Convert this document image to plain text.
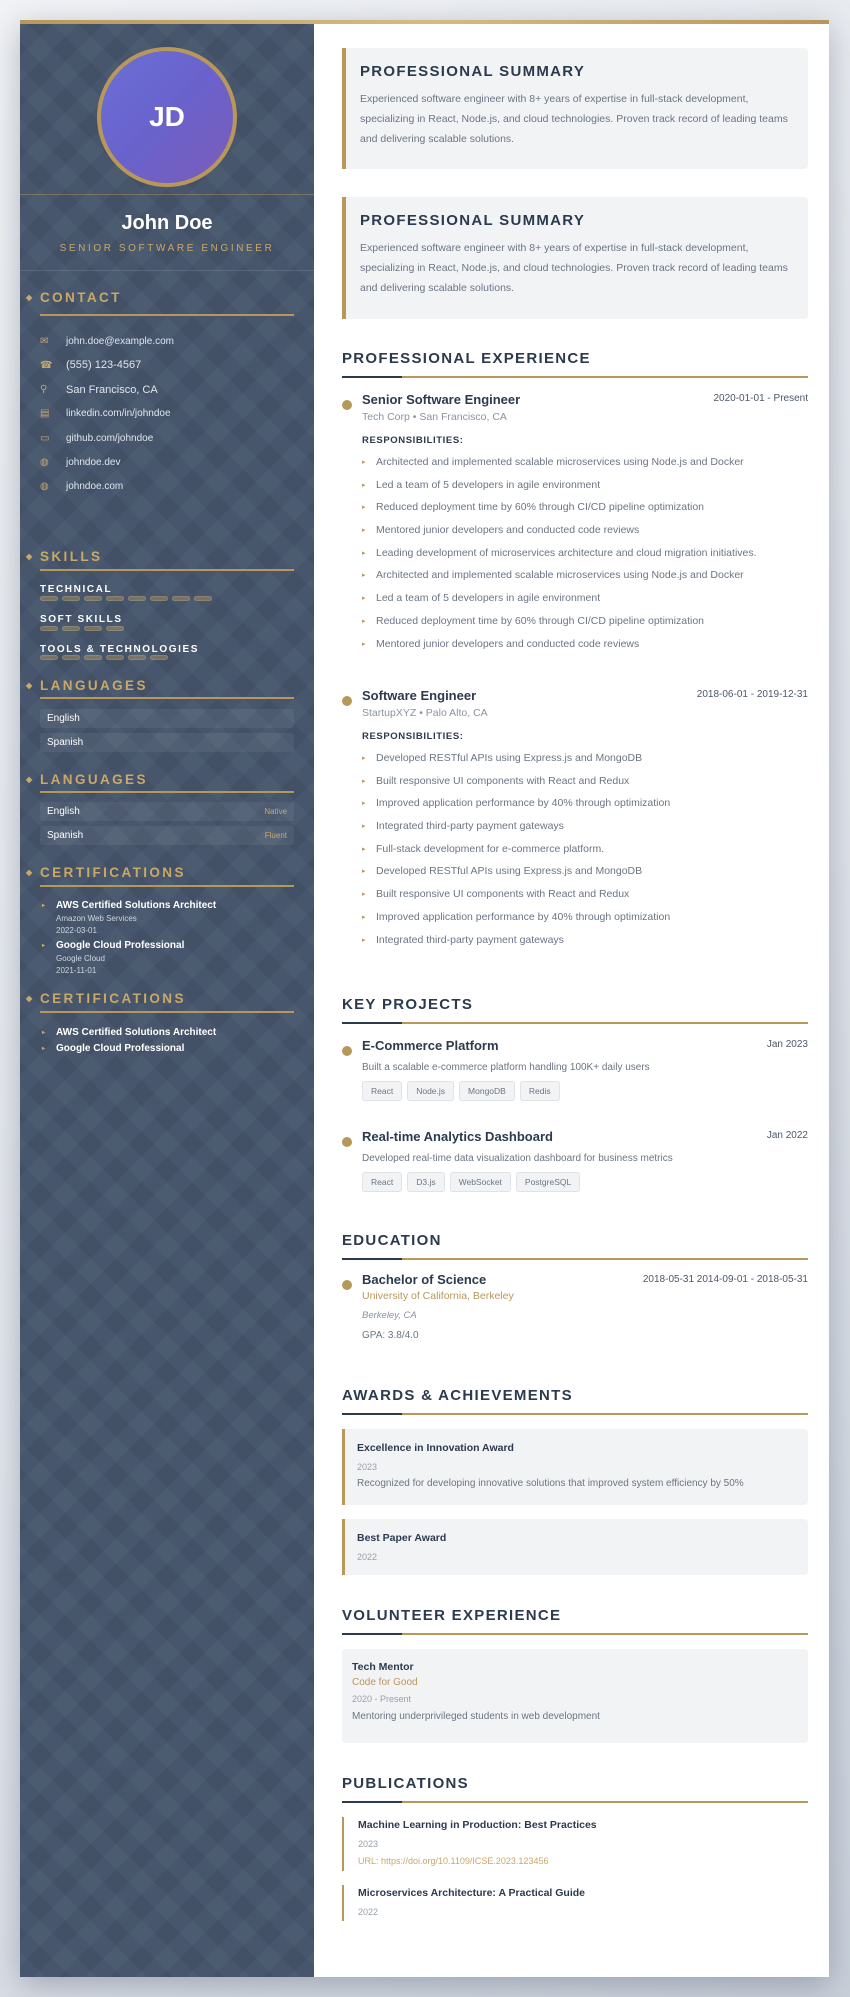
JD
John Doe
SENIOR SOFTWARE ENGINEER
◆ CONTACT
◆ SKILLS
◆ LANGUAGES
◆ LANGUAGES
◆ CERTIFICATIONS
◆ CERTIFICATIONS
✉	john.doe@example.com
☎	(555) 123-4567
⚲	San Francisco, CA
▤	linkedin.com/in/johndoe
▭	github.com/johndoe
◍	johndoe.dev
◍	johndoe.com
TECHNICAL
SOFT SKILLS
TOOLS & TECHNOLOGIES
English
Spanish
English	Native
Spanish	Fluent
▸	AWS Certified Solutions Architect
Amazon Web Services
2022-03-01
▸	Google Cloud Professional
Google Cloud
2021-11-01
▸	AWS Certified Solutions Architect
▸	Google Cloud Professional
PROFESSIONAL SUMMARY

Experienced software engineer with 8+ years of expertise in full-stack development, specializing in React, Node.js, and cloud technologies. Proven track record of leading teams and delivering scalable solutions.

PROFESSIONAL SUMMARY

Experienced software engineer with 8+ years of expertise in full-stack development, specializing in React, Node.js, and cloud technologies. Proven track record of leading teams and delivering scalable solutions.

PROFESSIONAL EXPERIENCE
2020-01-01 - Present
Senior Software Engineer
Tech Corp • San Francisco, CA
RESPONSIBILITIES:
▸ Architected and implemented scalable microservices using Node.js and Docker
▸ Led a team of 5 developers in agile environment
▸ Reduced deployment time by 60% through CI/CD pipeline optimization
▸ Mentored junior developers and conducted code reviews
▸ Leading development of microservices architecture and cloud migration initiatives.
▸ Architected and implemented scalable microservices using Node.js and Docker
▸ Led a team of 5 developers in agile environment
▸ Reduced deployment time by 60% through CI/CD pipeline optimization
▸ Mentored junior developers and conducted code reviews
2018-06-01 - 2019-12-31
Software Engineer
StartupXYZ • Palo Alto, CA
RESPONSIBILITIES:
▸ Developed RESTful APIs using Express.js and MongoDB
▸ Built responsive UI components with React and Redux
▸ Improved application performance by 40% through optimization
▸ Integrated third-party payment gateways
▸ Full-stack development for e-commerce platform.
▸ Developed RESTful APIs using Express.js and MongoDB
▸ Built responsive UI components with React and Redux
▸ Improved application performance by 40% through optimization
▸ Integrated third-party payment gateways
KEY PROJECTS
Jan 2023
E-Commerce Platform
Built a scalable e-commerce platform handling 100K+ daily users
React	Node.js	MongoDB	Redis
Jan 2022
Real-time Analytics Dashboard
Developed real-time data visualization dashboard for business metrics
React	D3.js	WebSocket	PostgreSQL
EDUCATION
2018-05-31 2014-09-01 - 2018-05-31
Bachelor of Science
University of California, Berkeley
Berkeley, CA
GPA: 3.8/4.0
AWARDS & ACHIEVEMENTS
Excellence in Innovation Award
2023
Recognized for developing innovative solutions that improved system efficiency by 50%
Best Paper Award
2022
VOLUNTEER EXPERIENCE
Tech Mentor
Code for Good
2020 - Present
Mentoring underprivileged students in web development
PUBLICATIONS
Machine Learning in Production: Best Practices
2023
URL: https://doi.org/10.1109/ICSE.2023.123456
Microservices Architecture: A Practical Guide
2022
